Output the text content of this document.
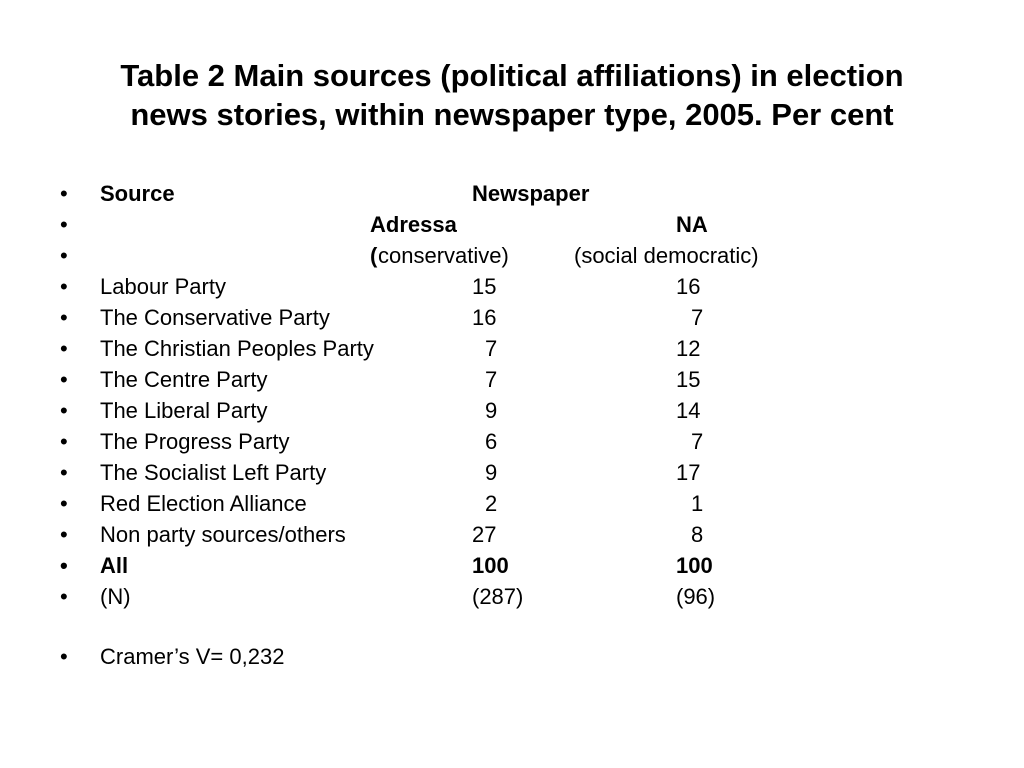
Table 2 Main sources (political affiliations) in election
news stories, within newspaper type, 2005. Per cent
• Source	Newspaper
•	Adressa	NA
•	( conservative)	(social democratic)
• Labour Party	15	16
• The Conservative Party	16	7
• The Christian Peoples Party	7	12
• The Centre Party	7	15
• The Liberal Party	9	14
• The Progress Party	6	7
• The Socialist Left Party	9	17
• Red Election Alliance	2	1
• Non party sources/others	27	8
• All	100	100
• (N)	(287)	(96)
• Cramer’s V= 0,232
